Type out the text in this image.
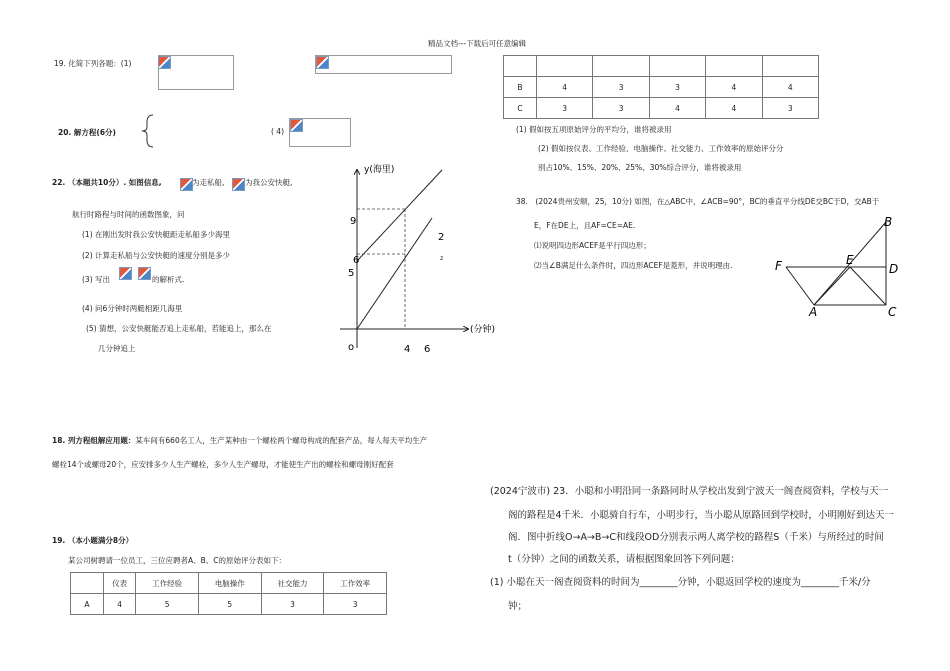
精品文档---下载后可任意编辑
19. 化简下列各题：(1)
20. 解方程(6分)	( 4)
22. （本题共10分）. 如图信息,	为走私船,	为我公安快艇,
航行时路程与时间的函数图象，问
(1) 在刚出发时我公安快艇距走私船多少海里
(2) 计算走私船与公安快艇的速度分别是多少
(3) 写出	的解析式.
(4) 问6分钟时两艇相距几海里
(5) 猜想，公安快艇能否追上走私船，若能追上，那么在
几分钟追上
y(海里)
(分钟)
o
9
6
5
4 6
2
2
18. 列方程组解应用题：某车间有660名工人，生产某种由一个螺栓两个螺母构成的配套产品，每人每天平均生产
螺栓14个或螺母20个，应安排多少人生产螺栓，多少人生产螺母，才能使生产出的螺栓和螺母刚好配套
19. （本小题满分8分）
某公司树聘请一位员工，三位应聘者A、B、C的原始评分表如下：
	仪表	工作经验	电脑操作	社交能力	工作效率
A	4	5	5	3	3

B	4	3	3	4	4
C	3	3	4	4	3
(1) 假如按五项原始评分的平均分，谁将被录用
(2) 假如按仪表、工作经验、电脑操作、社交能力、工作效率的原始评分分
别占10%、15%、20%、25%、30%综合评分，谁将被录用
38.　(2024贵州安顺，25，10分) 如图，在△ABC中，∠ACB=90°，BC的垂直平分线DE交BC于D，交AB于
E，F在DE上，且AF=CE=AE.
⑴说明四边形ACEF是平行四边形；
⑵当∠B满足什么条件时，四边形ACEF是菱形，并说明理由.
B
E
F	D
A	C
(2024宁波市) 23．小聪和小明沿同一条路同时从学校出发到宁波天一阁查阅资料，学校与天一
阁的路程是4千米．小聪骑自行车，小明步行，当小聪从原路回到学校时，小明刚好到达天一
阁．图中折线O→A→B→C和线段OD分别表示两人离学校的路程S（千米）与所经过的时间
t（分钟）之间的函数关系，请根据图象回答下列问题：
(1) 小聪在天一阁查阅资料的时间为________分钟，小聪返回学校的速度为________千米/分
钟；
